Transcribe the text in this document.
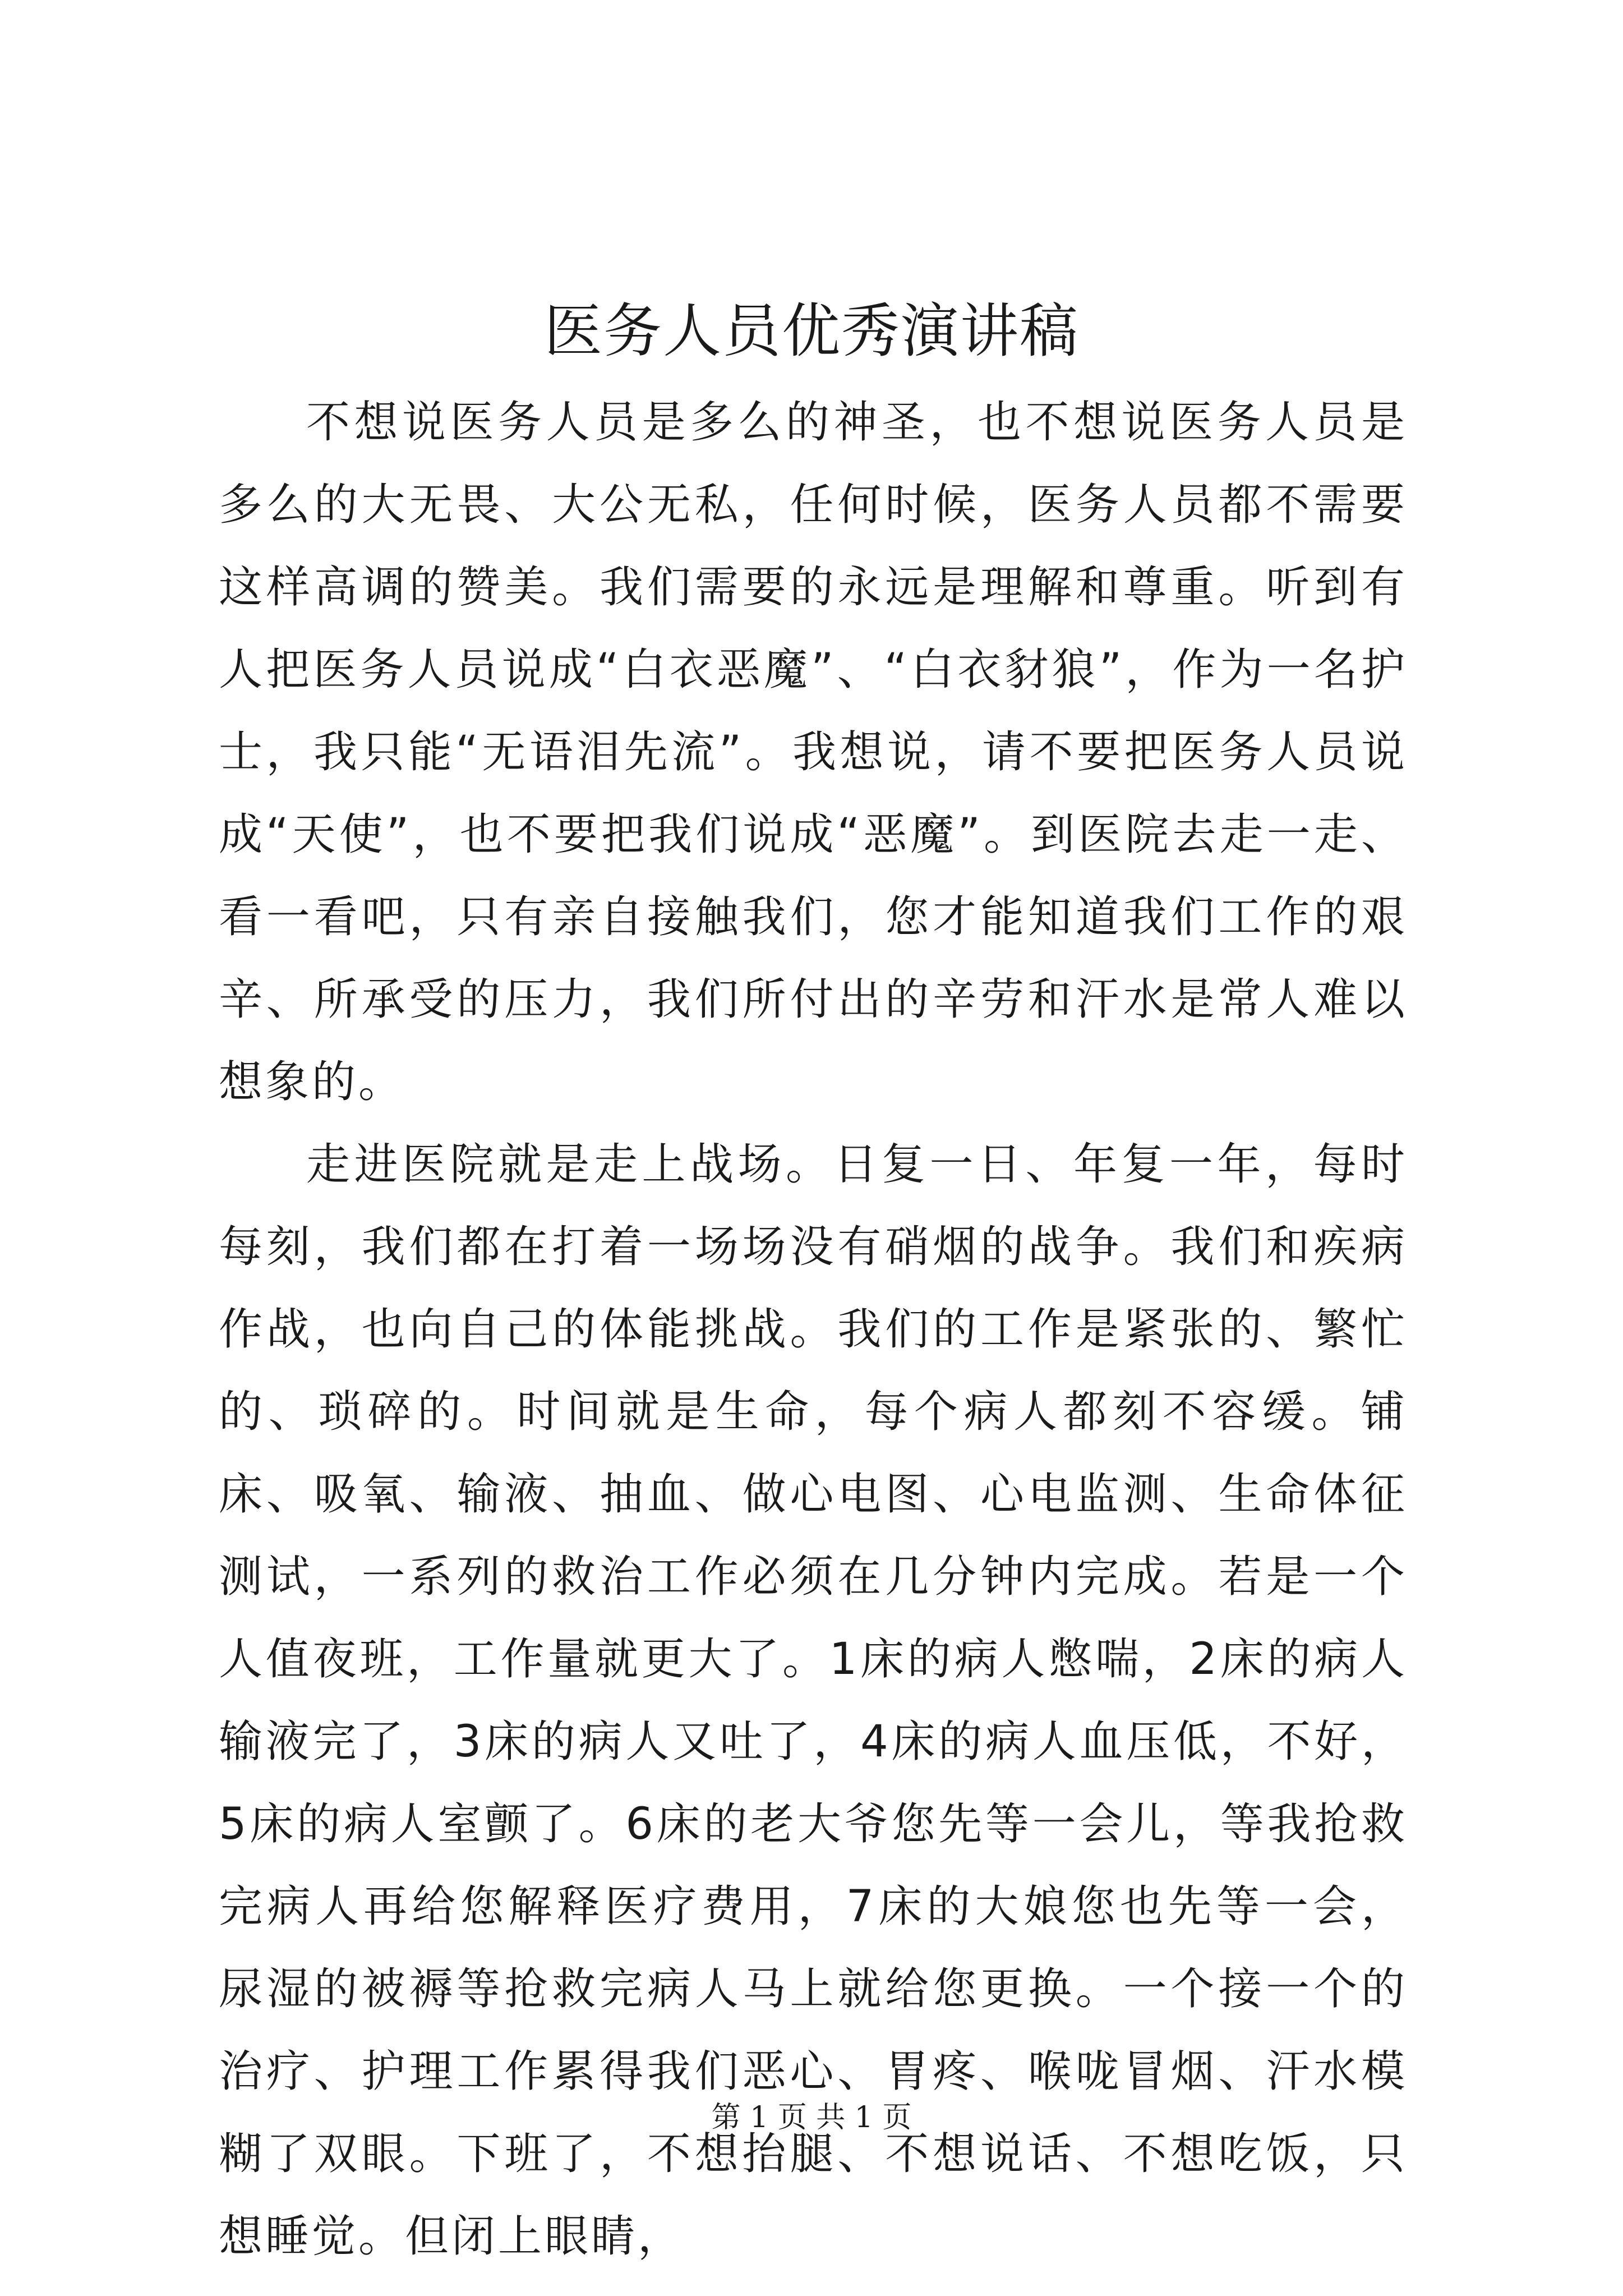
医务人员优秀演讲稿

不想说医务人员是多么的神圣，也不想说医务人员是多么的大无畏、大公无私，任何时候，医务人员都不需要这样高调的赞美。我们需要的永远是理解和尊重。听到有人把医务人员说成“白衣恶魔”、“白衣豺狼”，作为一名护士，我只能“无语泪先流”。我想说，请不要把医务人员说成“天使”，也不要把我们说成“恶魔”。到医院去走一走、看一看吧，只有亲自接触我们，您才能知道我们工作的艰辛、所承受的压力，我们所付出的辛劳和汗水是常人难以想象的。

走进医院就是走上战场。日复一日、年复一年，每时每刻，我们都在打着一场场没有硝烟的战争。我们和疾病作战，也向自己的体能挑战。我们的工作是紧张的、繁忙的、琐碎的。时间就是生命，每个病人都刻不容缓。铺床、吸氧、输液、抽血、做心电图、心电监测、生命体征测试，一系列的救治工作必须在几分钟内完成。若是一个人值夜班，工作量就更大了。1床的病人憋喘，2床的病人输液完了，3床的病人又吐了，4床的病人血压低，不好，5床的病人室颤了。6床的老大爷您先等一会儿，等我抢救完病人再给您解释医疗费用，7床的大娘您也先等一会，尿湿的被褥等抢救完病人马上就给您更换。一个接一个的治疗、护理工作累得我们恶心、胃疼、喉咙冒烟、汗水模糊了双眼。下班了，不想抬腿、不想说话、不想吃饭，只想睡觉。但闭上眼睛，

第 1 页 共 1 页
